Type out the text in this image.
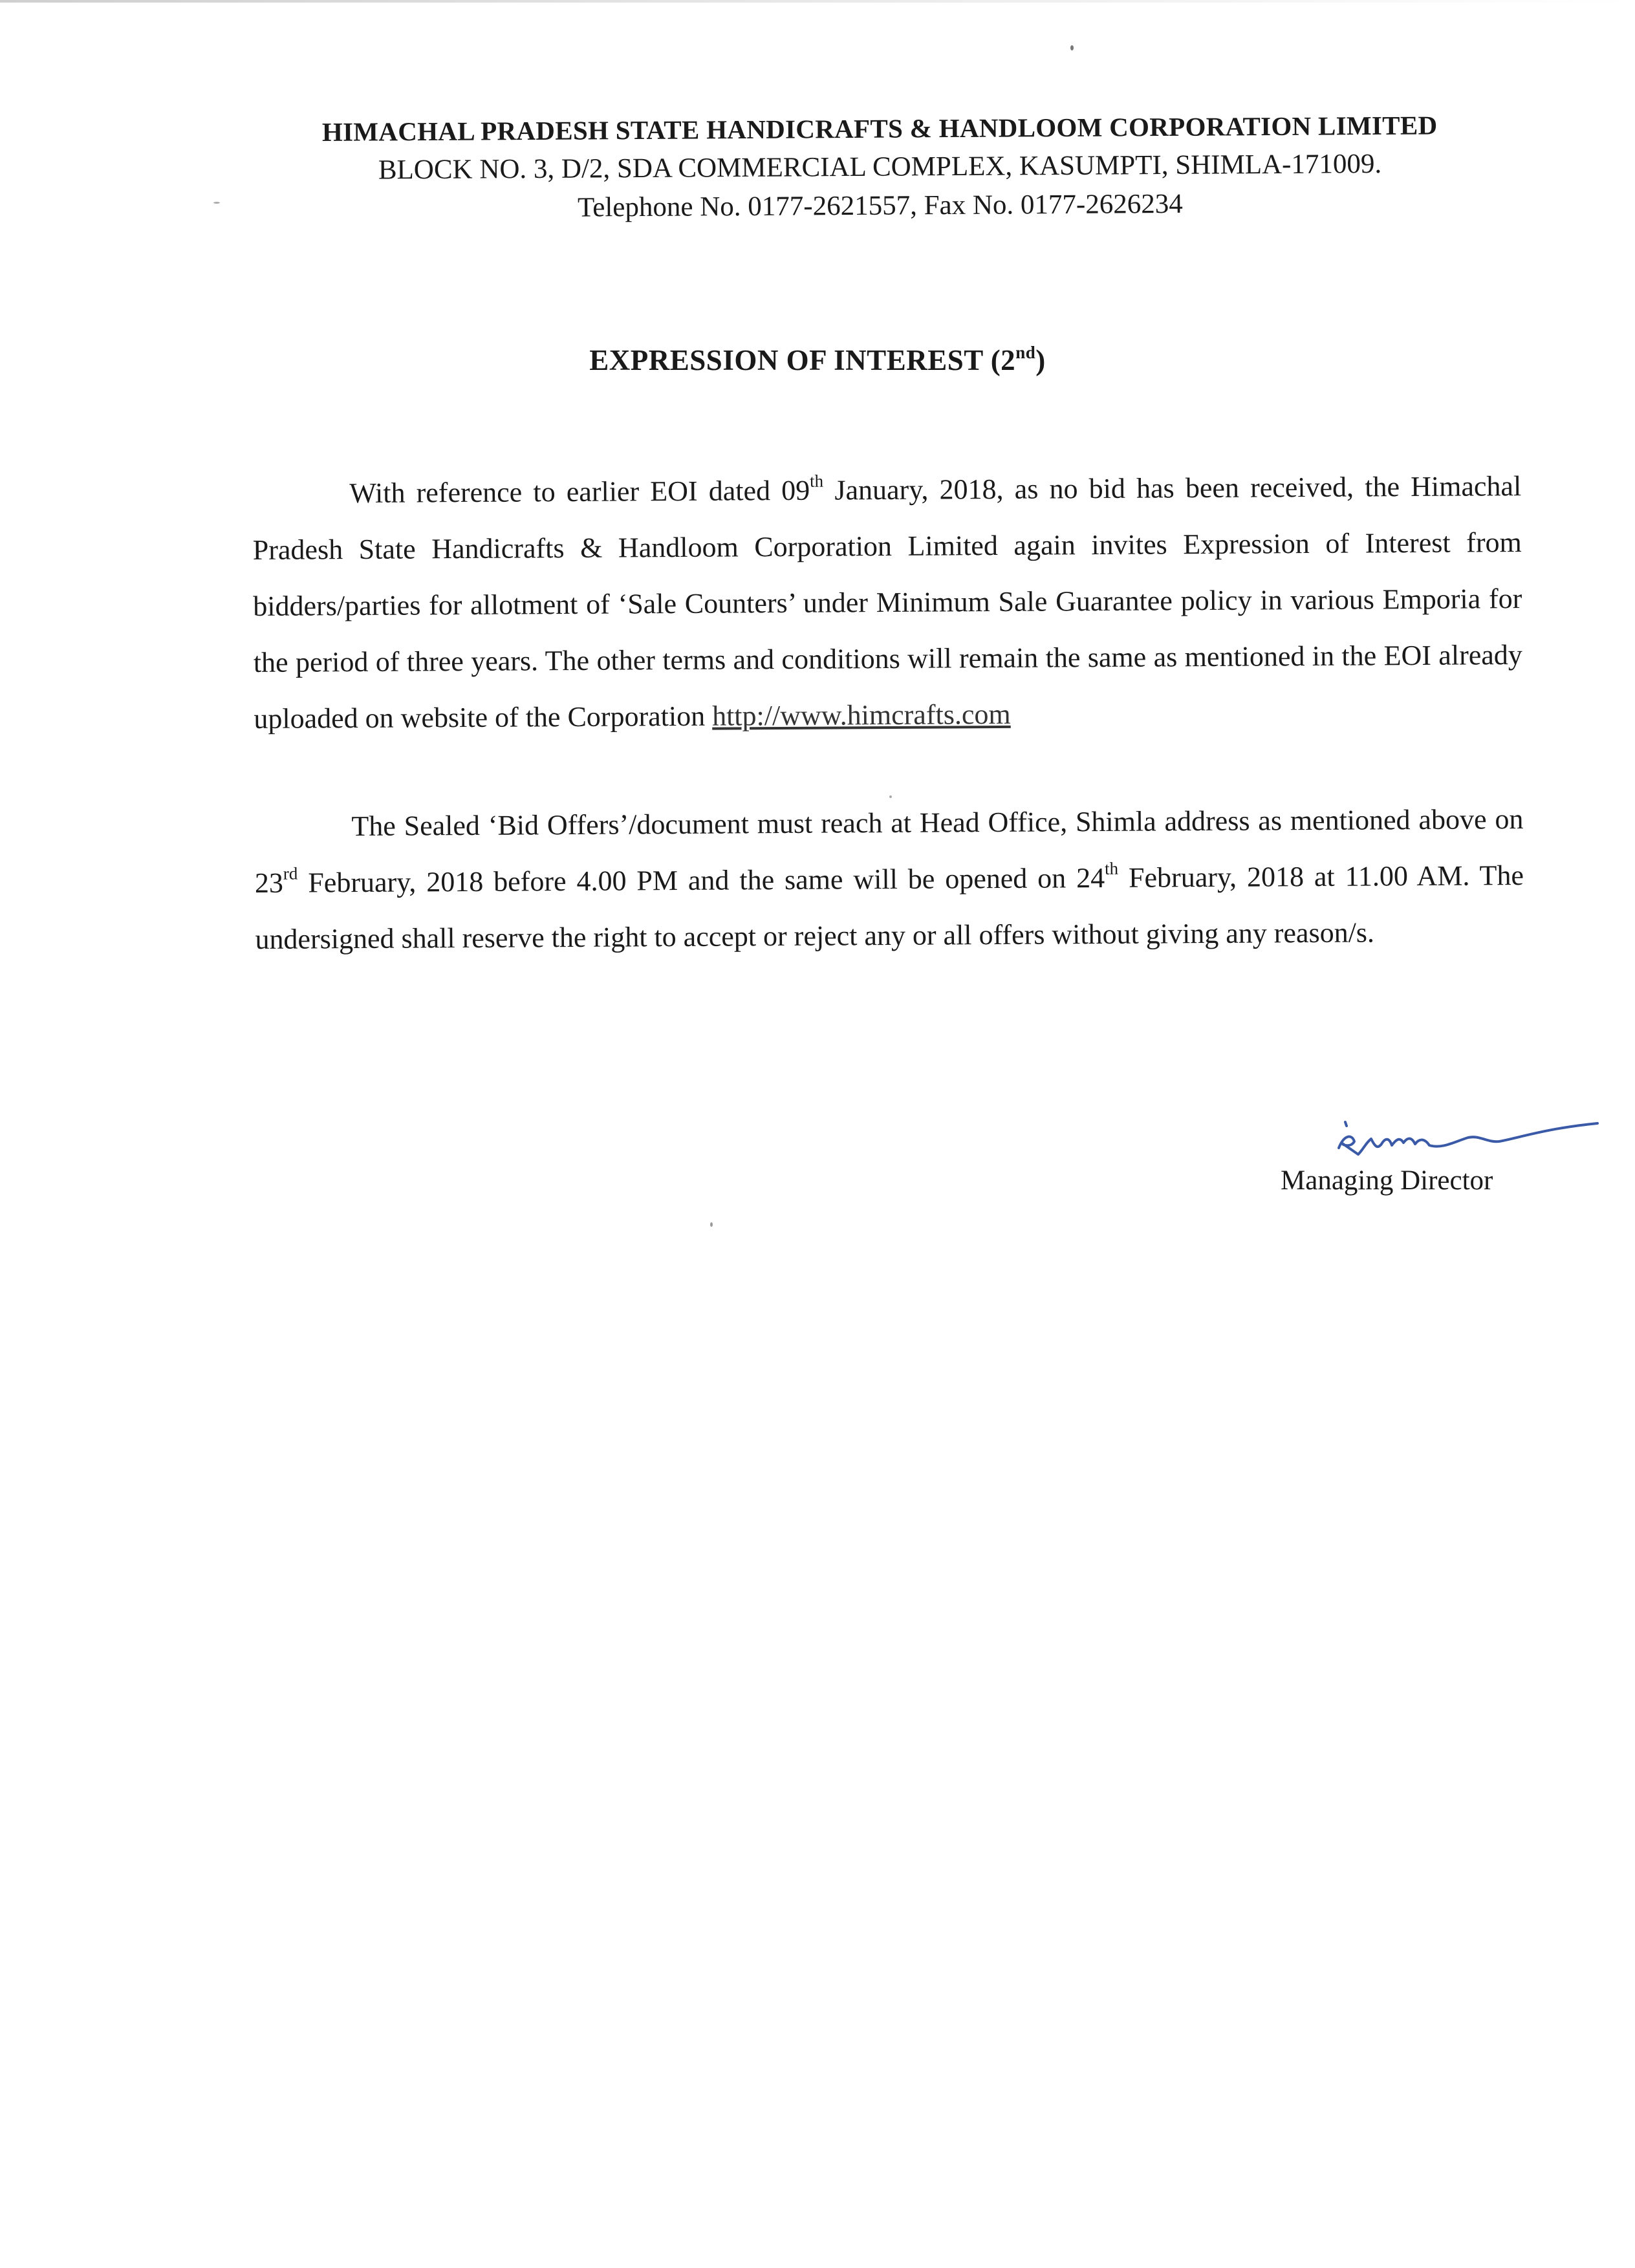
HIMACHAL PRADESH STATE HANDICRAFTS & HANDLOOM CORPORATION LIMITED
BLOCK NO. 3, D/2, SDA COMMERCIAL COMPLEX, KASUMPTI, SHIMLA-171009.
Telephone No. 0177-2621557, Fax No. 0177-2626234
EXPRESSION OF INTEREST (2nd)

With reference to earlier EOI dated 09th January, 2018, as no bid has been received, the Himachal Pradesh State Handicrafts & Handloom Corporation Limited again invites Expression of Interest from bidders/parties for allotment of ‘Sale Counters’ under Minimum Sale Guarantee policy in various Emporia for the period of three years. The other terms and conditions will remain the same as mentioned in the EOI already uploaded on website of the Corporation http://www.himcrafts.com

The Sealed ‘Bid Offers’/document must reach at Head Office, Shimla address as mentioned above on 23rd February, 2018 before 4.00 PM and the same will be opened on 24th February, 2018 at 11.00 AM. The undersigned shall reserve the right to accept or reject any or all offers without giving any reason/s.

Managing Director
